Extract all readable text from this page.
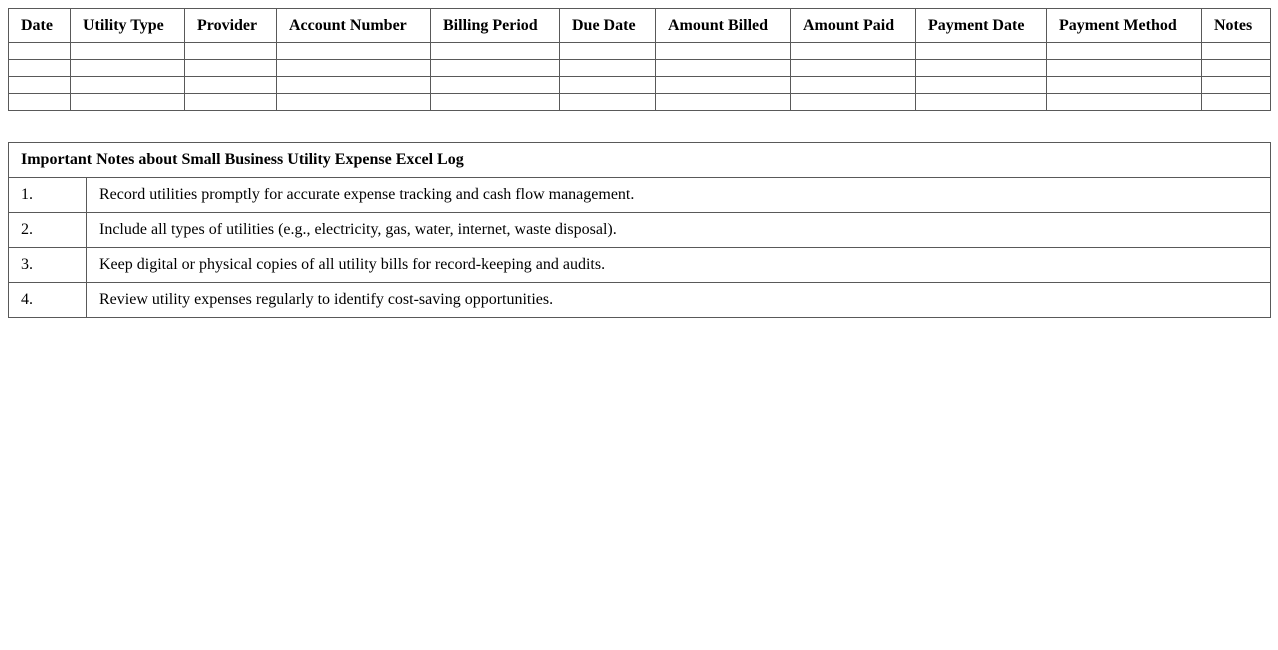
Date	Utility Type	Provider	Account Number	Billing Period	Due Date	Amount Billed	Amount Paid	Payment Date	Payment Method	Notes

Important Notes about Small Business Utility Expense Excel Log	
1.	Record utilities promptly for accurate expense tracking and cash flow management.
2.	Include all types of utilities (e.g., electricity, gas, water, internet, waste disposal).
3.	Keep digital or physical copies of all utility bills for record-keeping and audits.
4.	Review utility expenses regularly to identify cost-saving opportunities.
